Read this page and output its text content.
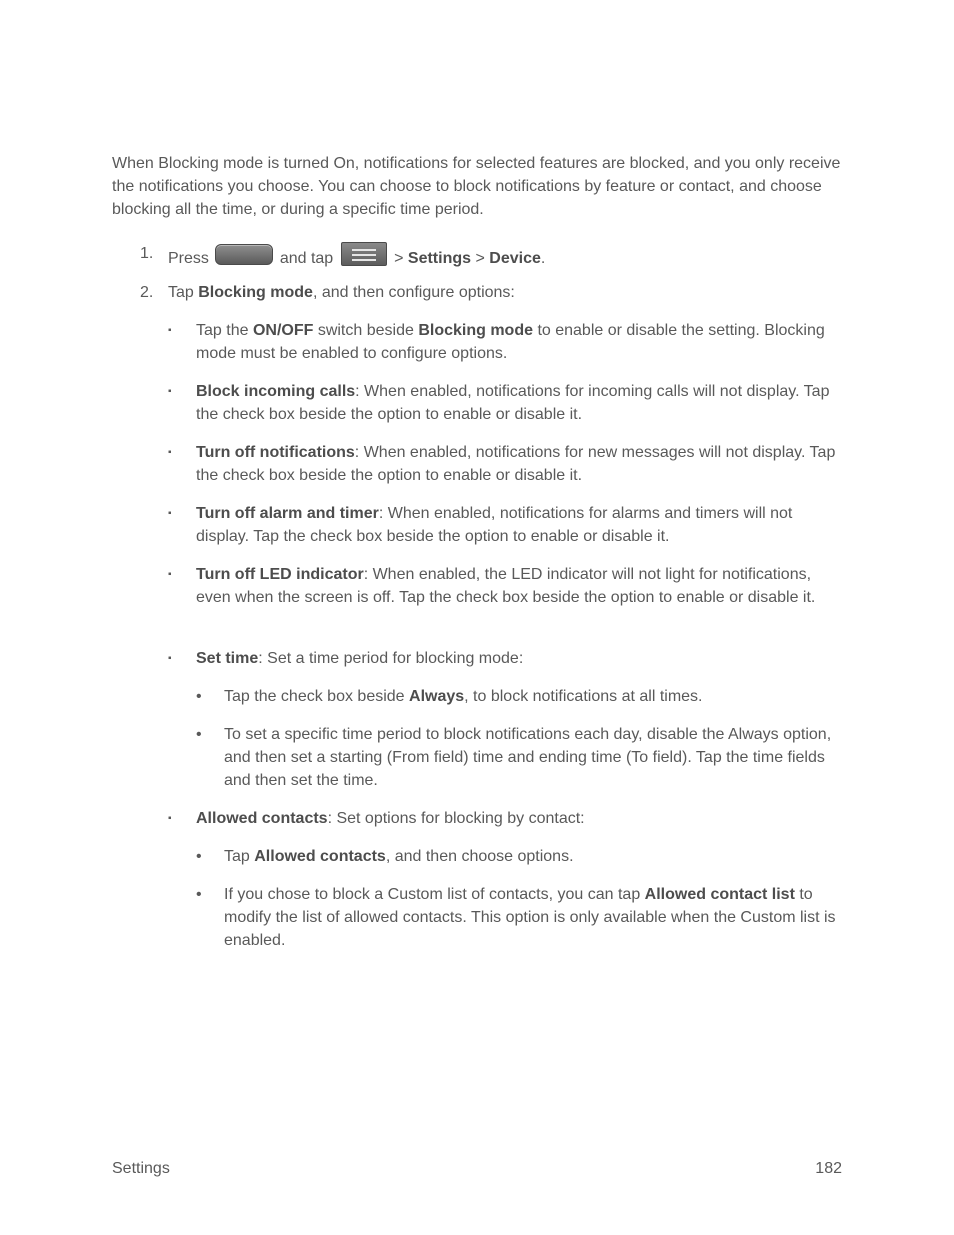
When Blocking mode is turned On, notifications for selected features are blocked, and you only receive the notifications you choose. You can choose to block notifications by feature or contact, and choose blocking all the time, or during a specific time period.

1. Press	and tap	> Settings > Device.
2. Tap Blocking mode, and then configure options:
▪ Tap the ON/OFF switch beside Blocking mode to enable or disable the setting. Blocking mode must be enabled to configure options.
▪ Block incoming calls: When enabled, notifications for incoming calls will not display. Tap the check box beside the option to enable or disable it.
▪ Turn off notifications: When enabled, notifications for new messages will not display. Tap the check box beside the option to enable or disable it.
▪ Turn off alarm and timer: When enabled, notifications for alarms and timers will not display. Tap the check box beside the option to enable or disable it.
▪ Turn off LED indicator: When enabled, the LED indicator will not light for notifications, even when the screen is off. Tap the check box beside the option to enable or disable it.
▪ Set time: Set a time period for blocking mode:
• Tap the check box beside Always, to block notifications at all times.
• To set a specific time period to block notifications each day, disable the Always option, and then set a starting (From field) time and ending time (To field). Tap the time fields and then set the time.
▪ Allowed contacts: Set options for blocking by contact:
• Tap Allowed contacts, and then choose options.
• If you chose to block a Custom list of contacts, you can tap Allowed contact list to modify the list of allowed contacts. This option is only available when the Custom list is enabled.
Settings	182
